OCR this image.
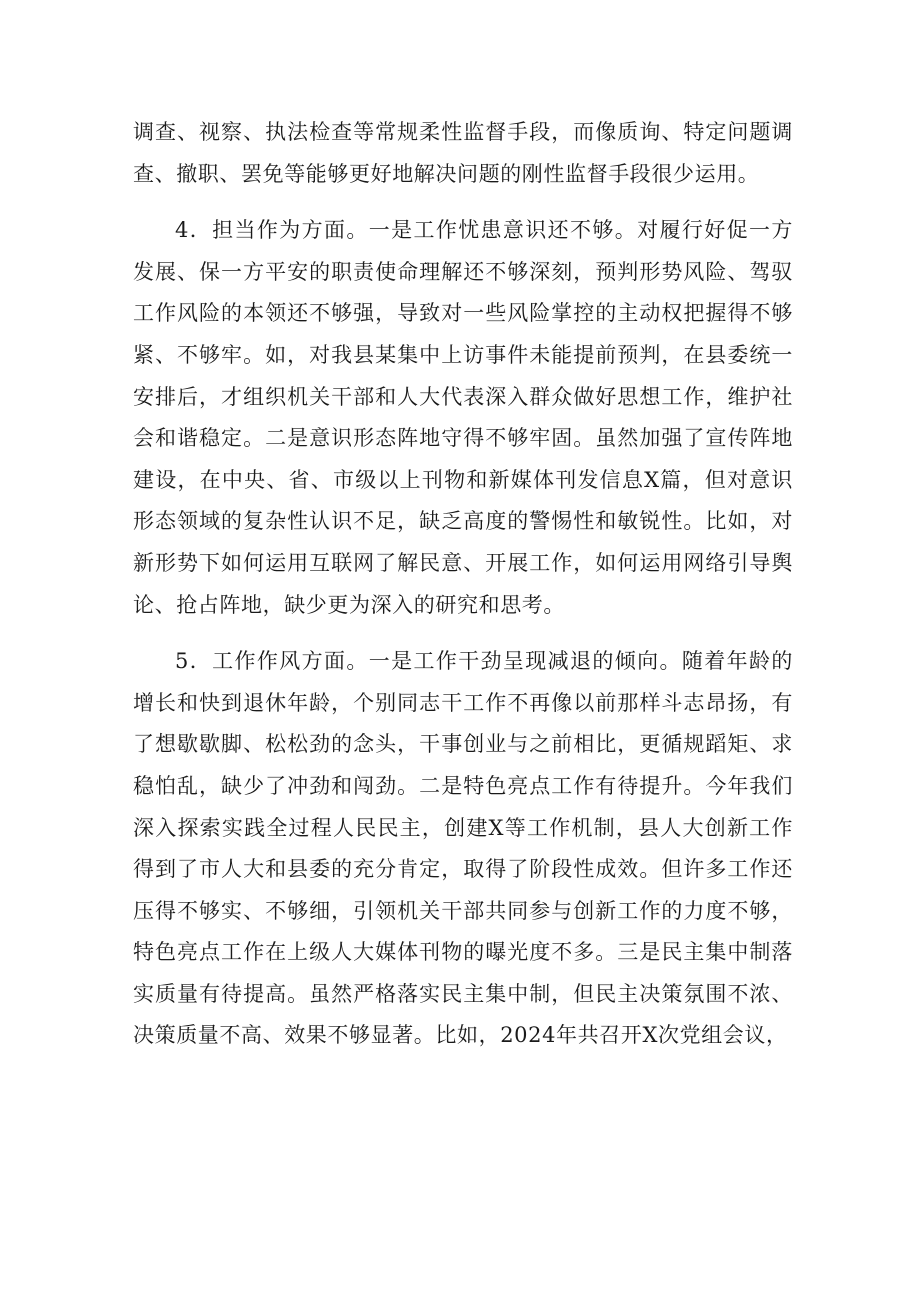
调查、视察、执法检查等常规柔性监督手段，而像质询、特定问题调查、撤职、罢免等能够更好地解决问题的刚性监督手段很少运用。

4．担当作为方面。一是工作忧患意识还不够。对履行好促一方发展、保一方平安的职责使命理解还不够深刻，预判形势风险、驾驭工作风险的本领还不够强，导致对一些风险掌控的主动权把握得不够紧、不够牢。如，对我县某集中上访事件未能提前预判，在县委统一安排后，才组织机关干部和人大代表深入群众做好思想工作，维护社会和谐稳定。二是意识形态阵地守得不够牢固。虽然加强了宣传阵地建设，在中央、省、市级以上刊物和新媒体刊发信息X篇，但对意识形态领域的复杂性认识不足，缺乏高度的警惕性和敏锐性。比如，对新形势下如何运用互联网了解民意、开展工作，如何运用网络引导舆论、抢占阵地，缺少更为深入的研究和思考。

5．工作作风方面。一是工作干劲呈现减退的倾向。随着年龄的增长和快到退休年龄，个别同志干工作不再像以前那样斗志昂扬，有了想歇歇脚、松松劲的念头，干事创业与之前相比，更循规蹈矩、求稳怕乱，缺少了冲劲和闯劲。二是特色亮点工作有待提升。今年我们深入探索实践全过程人民民主，创建X等工作机制，县人大创新工作得到了市人大和县委的充分肯定，取得了阶段性成效。但许多工作还压得不够实、不够细，引领机关干部共同参与创新工作的力度不够，特色亮点工作在上级人大媒体刊物的曝光度不多。三是民主集中制落实质量有待提高。虽然严格落实民主集中制，但民主决策氛围不浓、决策质量不高、效果不够显著。比如，2024年共召开X次党组会议，
